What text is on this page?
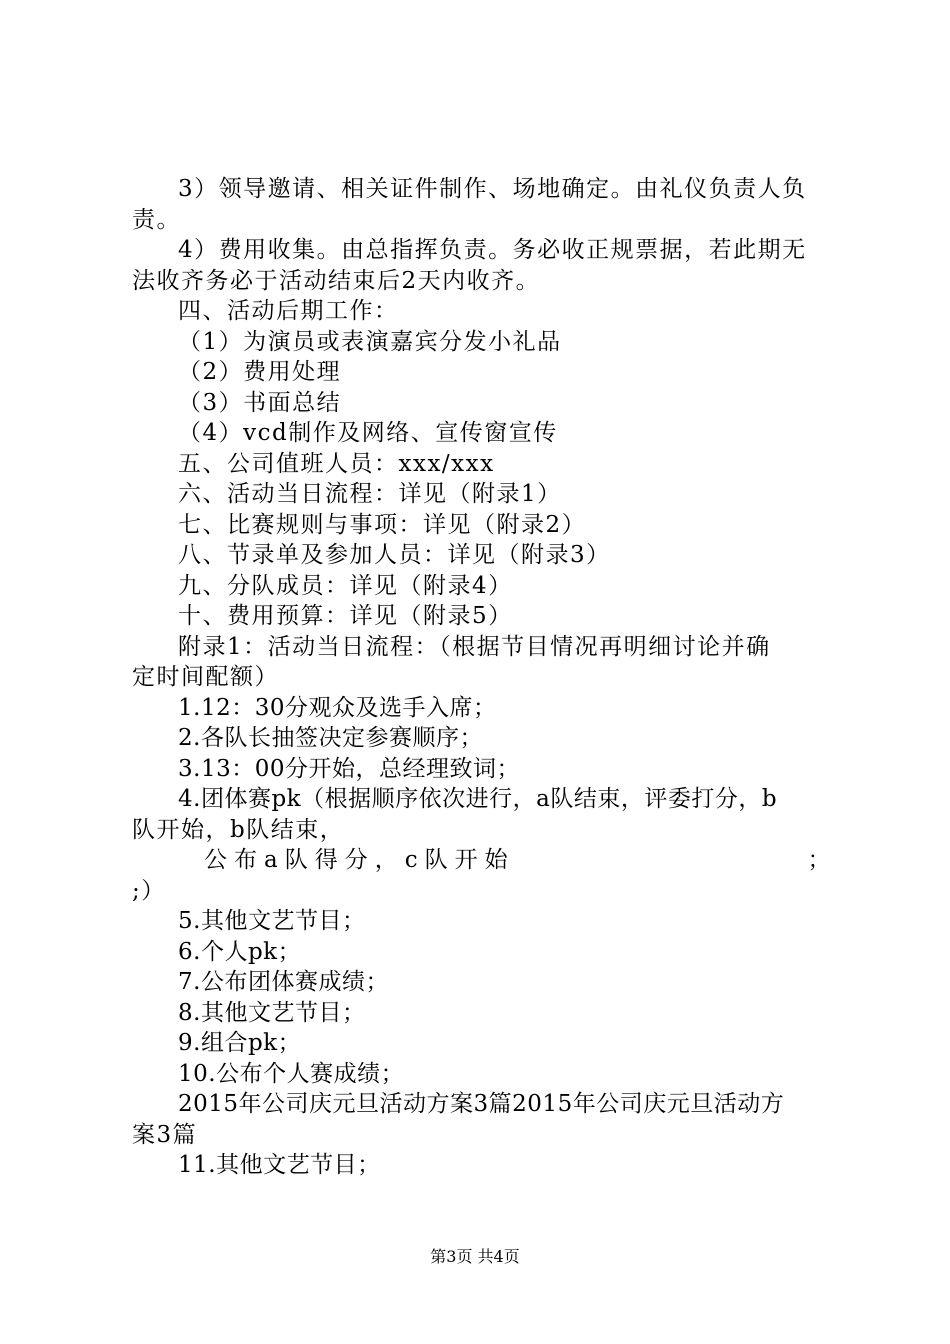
3）领导邀请、相关证件制作、场地确定。由礼仪负责人负
责。
4）费用收集。由总指挥负责。务必收正规票据，若此期无
法收齐务必于活动结束后2天内收齐。
四、活动后期工作：
（1）为演员或表演嘉宾分发小礼品
（2）费用处理
（3）书面总结
（4）vcd制作及网络、宣传窗宣传
五、公司值班人员：xxx/xxx
六、活动当日流程：详见（附录1）
七、比赛规则与事项：详见（附录2）
八、节录单及参加人员：详见（附录3）
九、分队成员：详见（附录4）
十、费用预算：详见（附录5）
附录1：活动当日流程：（根据节目情况再明细讨论并确
定时间配额）
1.12：30分观众及选手入席；
2.各队长抽签决定参赛顺序；
3.13：00分开始，总经理致词；
4.团体赛pk（根据顺序依次进行，a队结束，评委打分，b
队开始，b队结束，
公布a队得分，c队开始	；
;）
5.其他文艺节目；
6.个人pk；
7.公布团体赛成绩；
8.其他文艺节目；
9.组合pk；
10.公布个人赛成绩；
2015年公司庆元旦活动方案3篇2015年公司庆元旦活动方
案3篇
11.其他文艺节目；
第3页 共4页
